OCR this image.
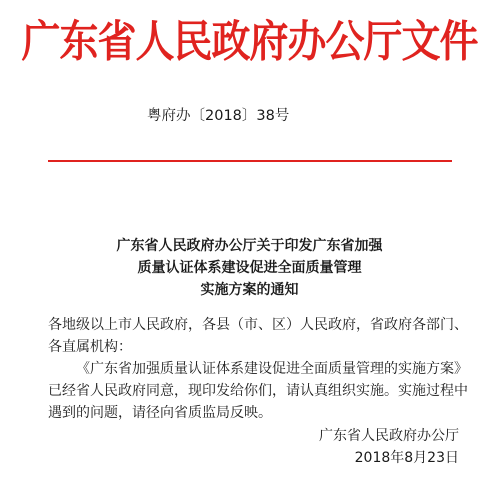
广东省人民政府办公厅文件
粤府办〔2018〕38号
广东省人民政府办公厅关于印发广东省加强
质量认证体系建设促进全面质量管理
实施方案的通知

各地级以上市人民政府，各县（市、区）人民政府，省政府各部门、各直属机构：

《广东省加强质量认证体系建设促进全面质量管理的实施方案》已经省人民政府同意，现印发给你们，请认真组织实施。实施过程中遇到的问题，请径向省质监局反映。

广东省人民政府办公厅
2018年8月23日
